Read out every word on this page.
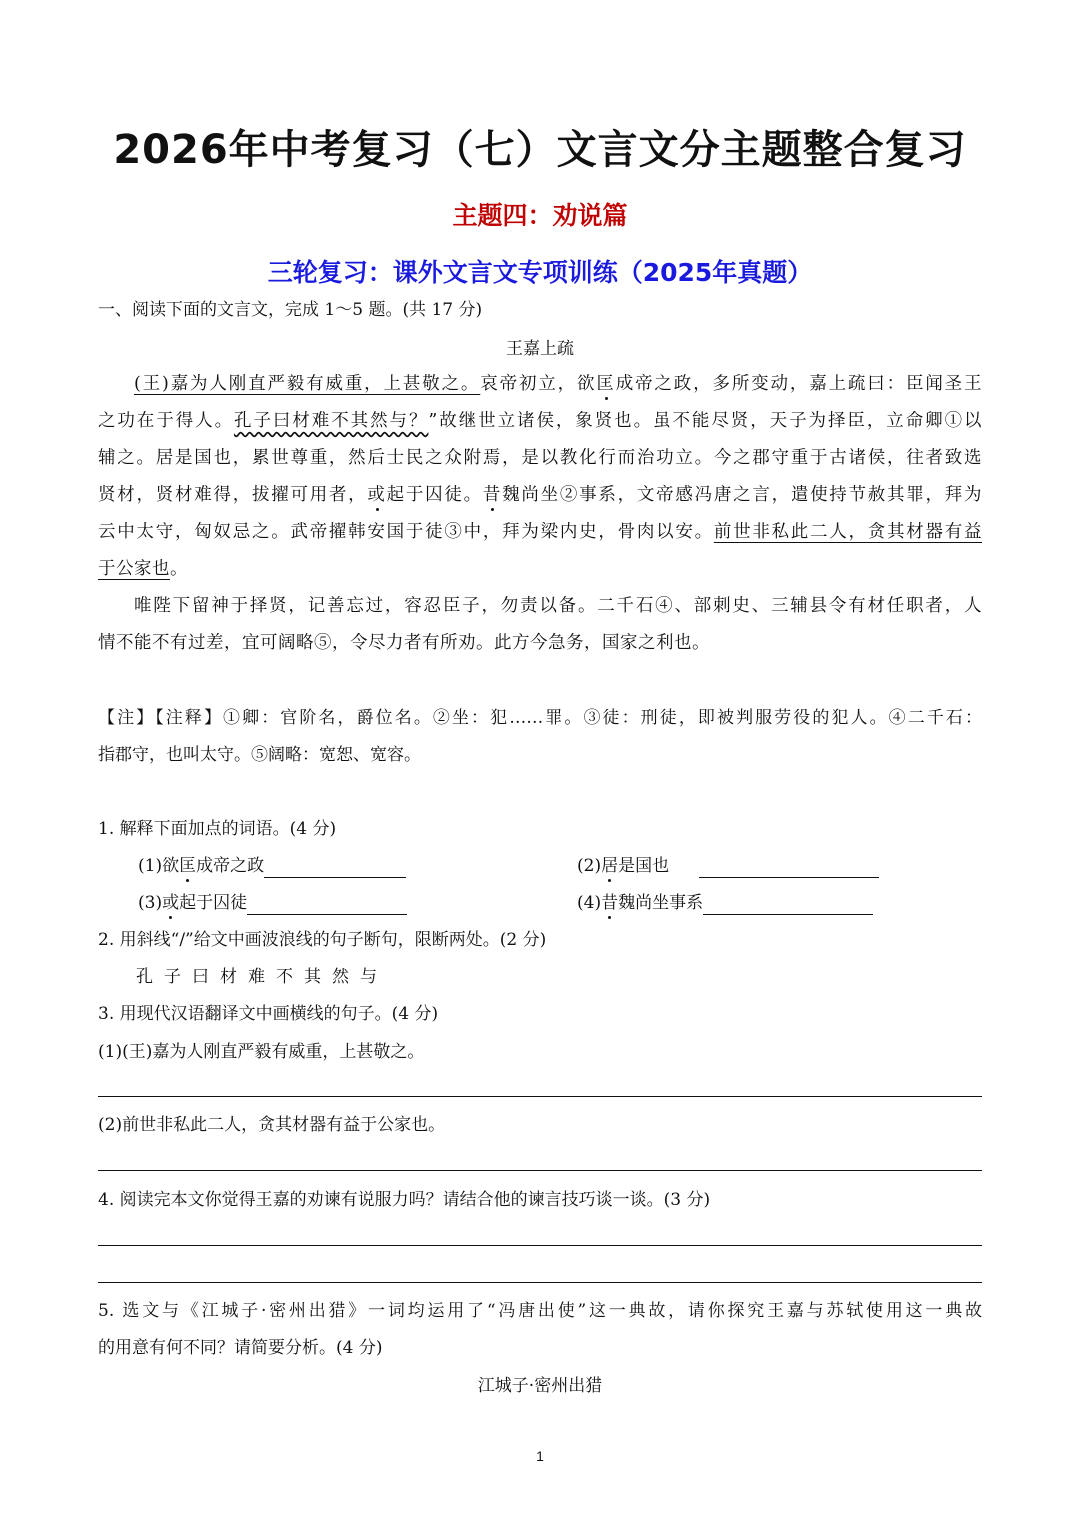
2026年中考复习（七）文言文分主题整合复习
主题四：劝说篇
三轮复习：课外文言文专项训练（2025年真题）
一、阅读下面的文言文，完成 1～5 题。(共 17 分)
王嘉上疏
(王)嘉为人刚直严毅有威重，上甚敬之。哀帝初立，欲匡成帝之政，多所变动，嘉上疏曰：臣闻圣王
之功在于得人。孔子曰材难不其然与？”故继世立诸侯，象贤也。虽不能尽贤，天子为择臣，立命卿①以
辅之。居是国也，累世尊重，然后士民之众附焉，是以教化行而治功立。今之郡守重于古诸侯，往者致选
贤材，贤材难得，拔擢可用者，或起于囚徒。昔魏尚坐②事系，文帝感冯唐之言，遣使持节赦其罪，拜为
云中太守，匈奴忌之。武帝擢韩安国于徒③中，拜为梁内史，骨肉以安。前世非私此二人，贪其材器有益
于公家也。
唯陛下留神于择贤，记善忘过，容忍臣子，勿责以备。二千石④、部刺史、三辅县令有材任职者，人
情不能不有过差，宜可阔略⑤，令尽力者有所劝。此方今急务，国家之利也。
【注】【注释】①卿：官阶名，爵位名。②坐：犯……罪。③徒：刑徒，即被判服劳役的犯人。④二千石：
指郡守，也叫太守。⑤阔略：宽恕、宽容。
1. 解释下面加点的词语。(4 分)
(1)欲匡成帝之政	(2)居是国也
(3)或起于囚徒	(4)昔魏尚坐事系
2. 用斜线“/”给文中画波浪线的句子断句，限断两处。(2 分)
孔 子 曰 材 难 不 其 然 与
3. 用现代汉语翻译文中画横线的句子。(4 分)
(1)(王)嘉为人刚直严毅有威重，上甚敬之。
(2)前世非私此二人，贪其材器有益于公家也。
4. 阅读完本文你觉得王嘉的劝谏有说服力吗？请结合他的谏言技巧谈一谈。(3 分)
5. 选文与《江城子·密州出猎》一词均运用了“冯唐出使”这一典故，请你探究王嘉与苏轼使用这一典故
的用意有何不同？请简要分析。(4 分)
江城子·密州出猎
1
